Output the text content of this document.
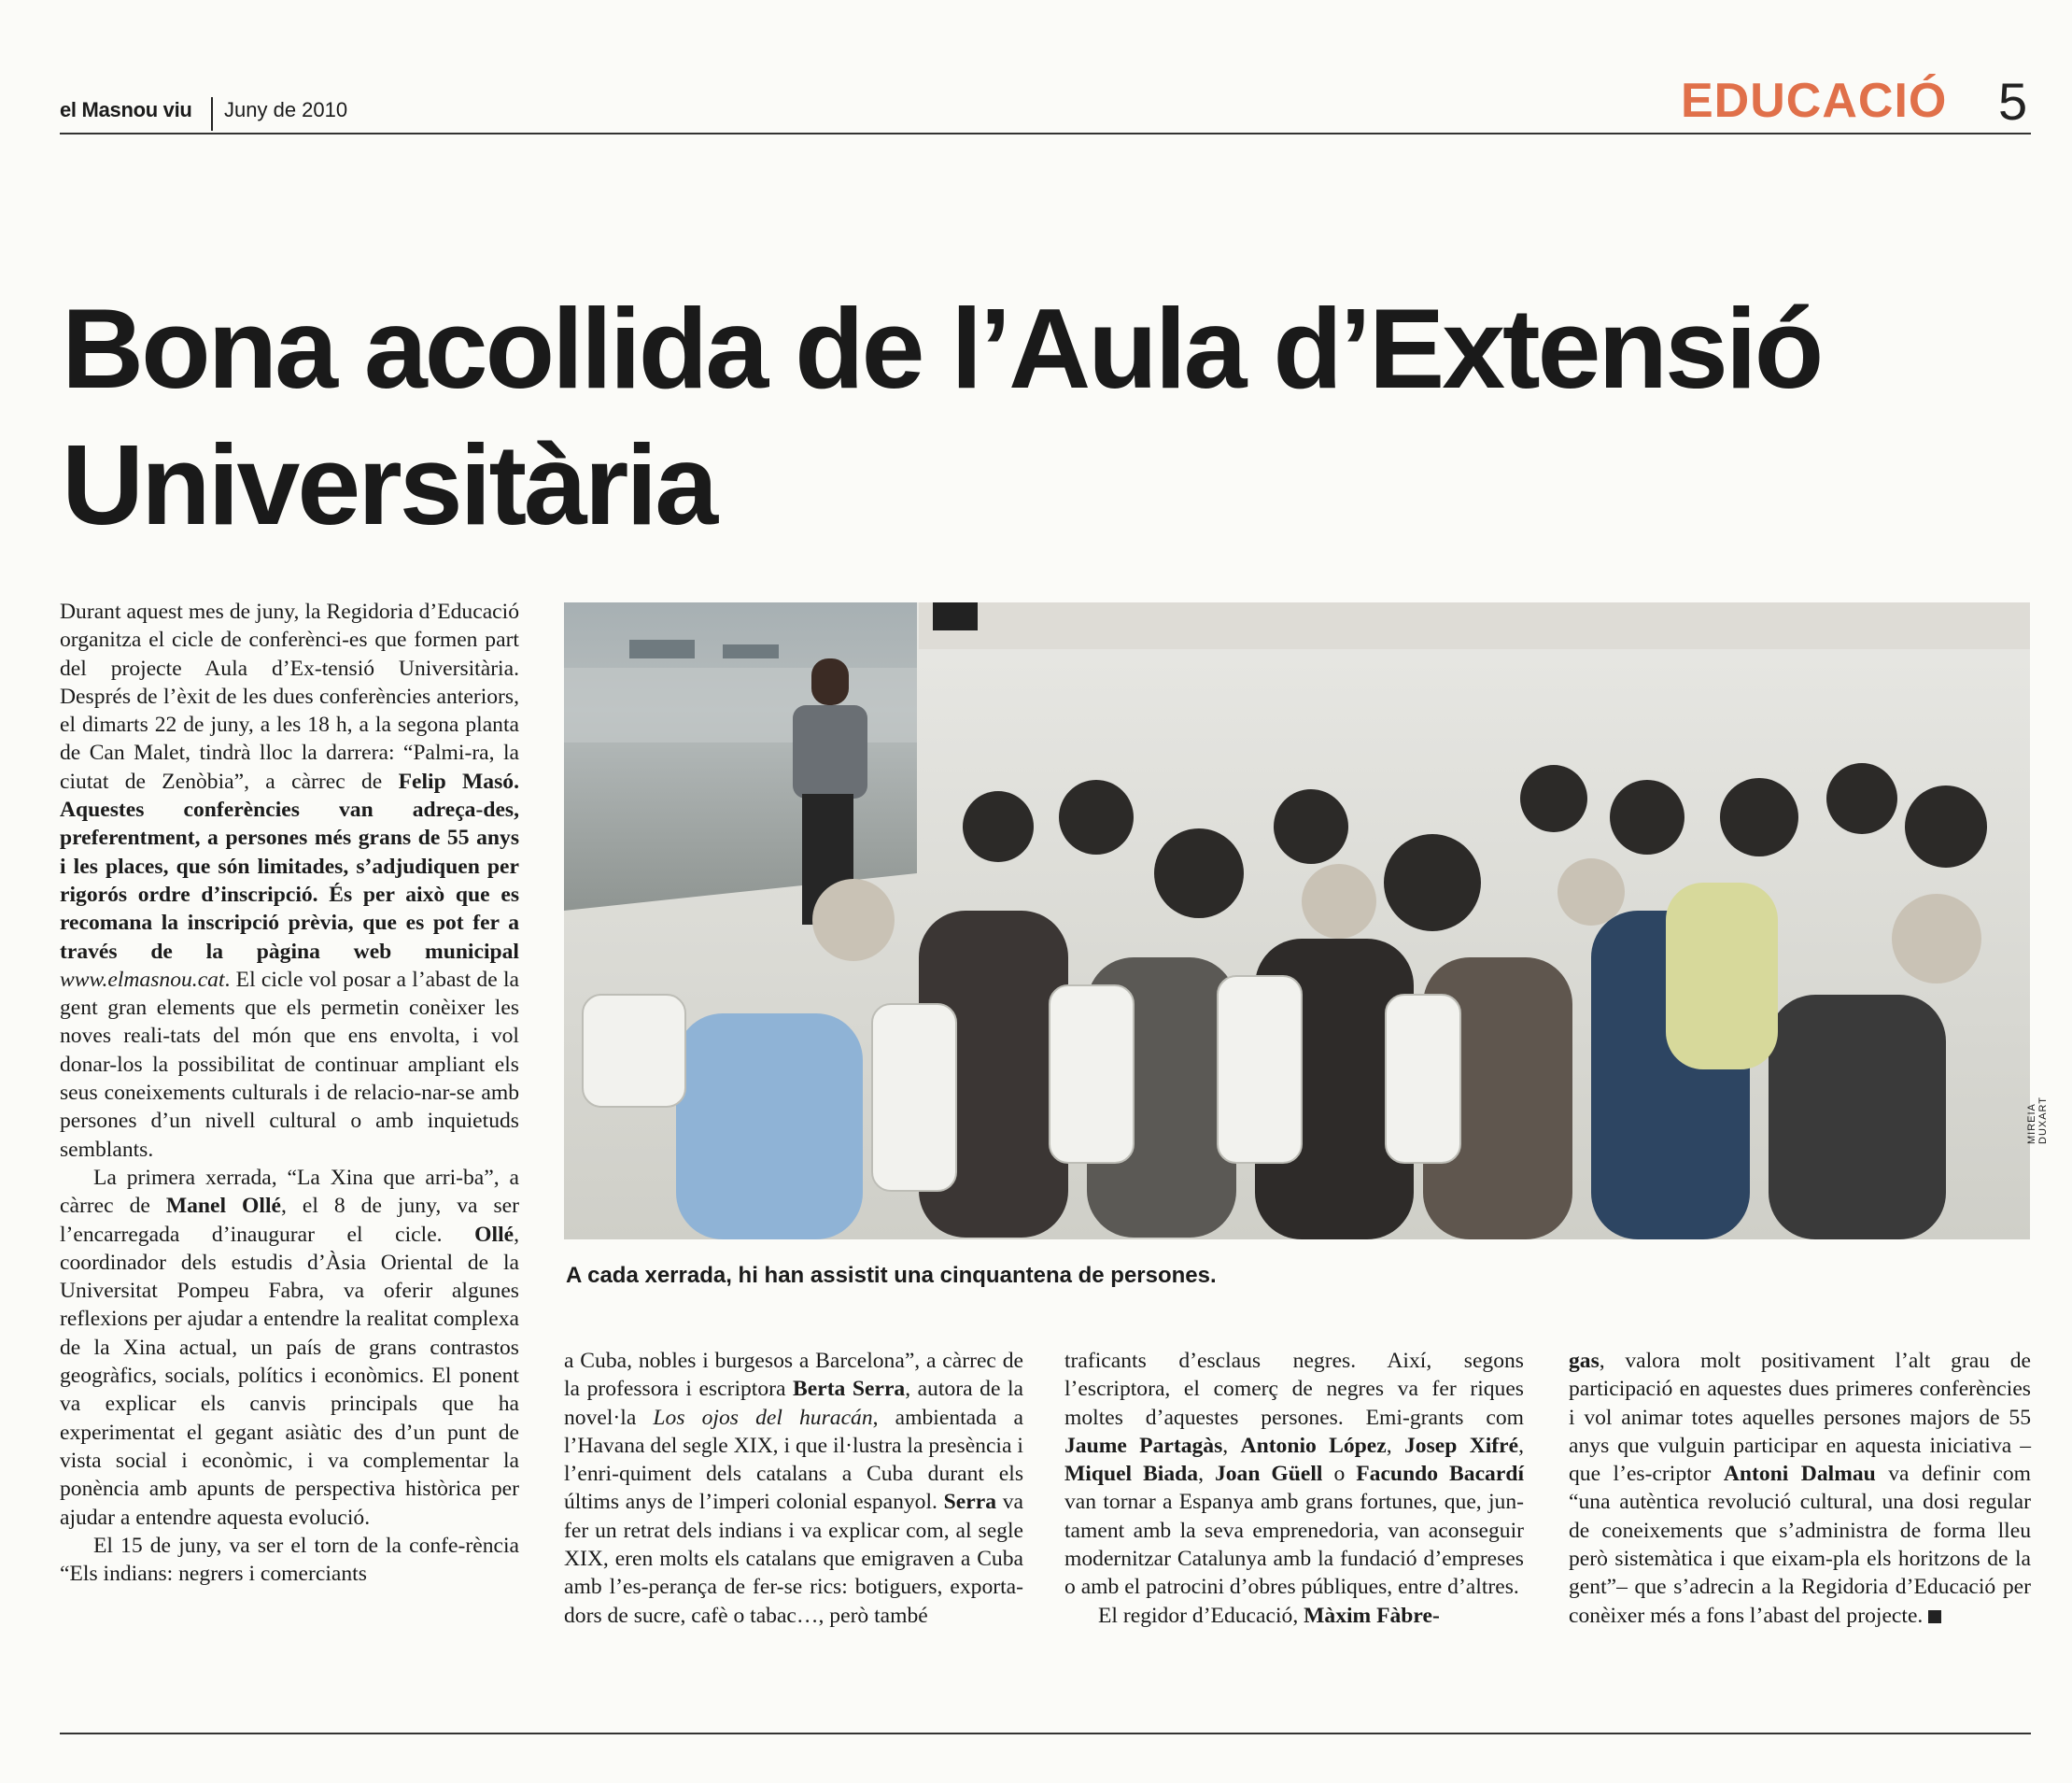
el Masnou viu Juny de 2010	EDUCACIÓ 5
Bona acollida de l’Aula d’Extensió Universitària

Durant aquest mes de juny, la Regidoria d’Educació organitza el cicle de conferènci-es que formen part del projecte Aula d’Ex-tensió Universitària. Després de l’èxit de les dues conferències anteriors, el dimarts 22 de juny, a les 18 h, a la segona planta de Can Malet, tindrà lloc la darrera: “Palmi-ra, la ciutat de Zenòbia”, a càrrec de Felip Masó. Aquestes conferències van adreça-des, preferentment, a persones més grans de 55 anys i les places, que són limitades, s’adjudiquen per rigorós ordre d’inscripció. És per això que es recomana la inscripció prèvia, que es pot fer a través de la pàgina web municipal www.elmasnou.cat. El cicle vol posar a l’abast de la gent gran elements que els permetin conèixer les noves reali-tats del món que ens envolta, i vol donar-los la possibilitat de continuar ampliant els seus coneixements culturals i de relacio-nar-se amb persones d’un nivell cultural o amb inquietuds semblants.

La primera xerrada, “La Xina que arri-ba”, a càrrec de Manel Ollé, el 8 de juny, va ser l’encarregada d’inaugurar el cicle. Ollé, coordinador dels estudis d’Àsia Oriental de la Universitat Pompeu Fabra, va oferir algunes reflexions per ajudar a entendre la realitat complexa de la Xina actual, un país de grans contrastos geogràfics, socials, polítics i econòmics. El ponent va explicar els canvis principals que ha experimentat el gegant asiàtic des d’un punt de vista social i econòmic, i va complementar la ponència amb apunts de perspectiva històrica per ajudar a entendre aquesta evolució.

El 15 de juny, va ser el torn de la confe-rència “Els indians: negrers i comerciants

MIREIA DUXART
A cada xerrada, hi han assistit una cinquantena de persones.

a Cuba, nobles i burgesos a Barcelona”, a càrrec de la professora i escriptora Berta Serra, autora de la novel·la Los ojos del huracán, ambientada a l’Havana del segle XIX, i que il·lustra la presència i l’enri-quiment dels catalans a Cuba durant els últims anys de l’imperi colonial espanyol. Serra va fer un retrat dels indians i va explicar com, al segle XIX, eren molts els catalans que emigraven a Cuba amb l’es-perança de fer-se rics: botiguers, exporta-dors de sucre, cafè o tabac…, però també

traficants d’esclaus negres. Així, segons l’escriptora, el comerç de negres va fer riques moltes d’aquestes persones. Emi-grants com Jaume Partagàs, Antonio López, Josep Xifré, Miquel Biada, Joan Güell o Facundo Bacardí van tornar a Espanya amb grans fortunes, que, jun-tament amb la seva emprenedoria, van aconseguir modernitzar Catalunya amb la fundació d’empreses o amb el patrocini d’obres públiques, entre d’altres.

El regidor d’Educació, Màxim Fàbre-

gas, valora molt positivament l’alt grau de participació en aquestes dues primeres conferències i vol animar totes aquelles persones majors de 55 anys que vulguin participar en aquesta iniciativa –que l’es-criptor Antoni Dalmau va definir com “una autèntica revolució cultural, una dosi regular de coneixements que s’administra de forma lleu però sistemàtica i que eixam-pla els horitzons de la gent”– que s’adrecin a la Regidoria d’Educació per conèixer més a fons l’abast del projecte.
